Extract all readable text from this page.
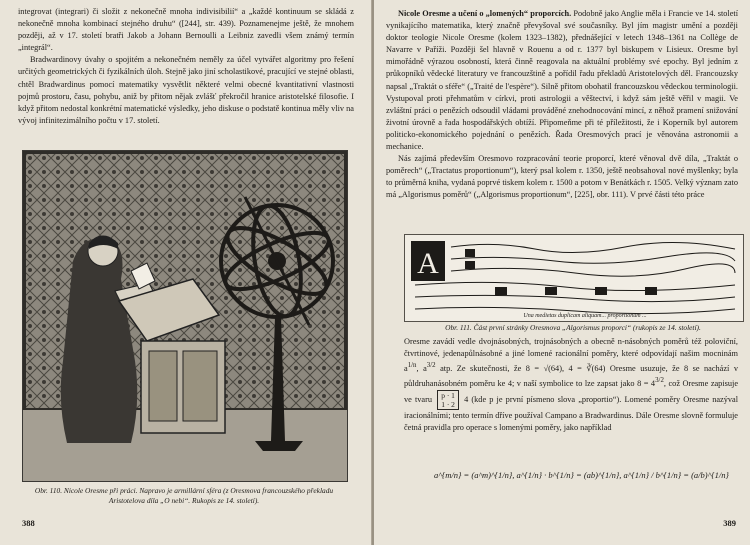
integrovat (integrari) či složit z nekonečně mnoha indivisibilií“ a „každé kontinuum se skládá z nekonečně mnoha kombinací stejného druhu“ ([244], str. 439). Poznamenejme ještě, že mnohem později, až v 17. století bratři Jakob a Johann Bernoulli a Leibniz zavedli všem známý termín „integrál“.

Bradwardinovy úvahy o spojitém a nekonečném neměly za účel vytvářet algoritmy pro řešení určitých geometrických či fyzikálních úloh. Stejně jako jiní scholastikové, pracující ve stejné oblasti, chtěl Bradwardinus pomocí matematiky vysvětlit některé velmi obecné kvantitativní vlastnosti pojmů prostoru, času, pohybu, aniž by přitom nějak zvlášť překročil hranice aristotelské filosofie. I když přitom nedostal konkrétní matematické výsledky, jeho diskuse o podstatě kontinua měly vliv na vývoj infinitezimálního počtu v 17. století.

Obr. 110. Nicole Oresme při práci. Napravo je armillární sféra (z Oresmova francouzského překladu Aristotelova díla „O nebi“. Rukopis ze 14. století).
388

Nicole Oresme a učení o „lomených“ proporcích. Podobně jako Anglie měla i Francie ve 14. století vynikajícího matematika, který značně převyšoval své současníky. Byl jím magistr umění a později doktor teologie Nicole Oresme (kolem 1323–1382), přednášející v letech 1348–1361 na Collège de Navarre v Paříži. Později šel hlavně v Rouenu a od r. 1377 byl biskupem v Lisieux. Oresme byl mimořádně výrazou osobností, která činně reagovala na aktuální problémy své epochy. Byl jedním z průkopníků vědecké literatury ve francouzštině a pořídil řadu překladů Aristotelových děl. Francouzsky napsal „Traktát o sféře“ („Traité de l'espère“). Silně přitom obohatil francouzskou vědeckou terminologii. Vystupoval proti přehmatům v církvi, proti astrologii a věštectví, i když sám ještě věřil v magii. Ve zvláštní práci o penězích odsoudil vládami prováděné znehodnocování mincí, z něhož pramení snižování životní úrovně a řada hospodářských obtíží. Připomeňme při té příležitosti, že i Koperník byl autorem politicko-ekonomického pojednání o penězích. Řada Oresmových prací je věnována astronomii a mechanice.

Nás zajímá především Oresmovo rozpracování teorie proporcí, které věnoval dvě díla, „Traktát o poměrech“ („Tractatus proportionum“), který psal kolem r. 1350, ještě neobsahoval nové myšlenky; byla to průměrná kniha, vydaná poprvé tiskem kolem r. 1500 a potom v Benátkách r. 1505. Velký význam zato má „Algorismus poměrů“ („Algorismus proportionum“, [225], obr. 111). V prvé části této práce

A
Una medietas duplicam aliquam... proportionum ...
Obr. 111. Část první stránky Oresmova „Algorismus proporci“ (rukopis ze 14. století).

Oresme zavádí vedle dvojnásobných, trojnásobných a obecně n-násobných poměrů též poloviční, čtvrtinové, jedenapůlnásobné a jiné lomené racionální poměry, které odpovídají našim mocninám $a^{1/n}$, $a^{3/2}$ atp. Ze skutečnosti, že 8 = √(64), 4 = ∛(64) Oresme usuzuje, že 8 se nachází v půldruhanásobném poměru ke 4; v naší symbolice to lze zapsat jako $8 = 4^{3/2}$, což Oresme zapisuje ve tvaru p · 1
1 · 2 4 (kde p je první písmeno slova „proportio“). Lomené poměry Oresme nazýval iracionálními; tento termín dříve používal Campano a Bradwardinus. Dále Oresme slovně formuluje četná pravidla pro operace s lomenými poměry, jako například

a^{m/n} = (a^m)^{1/n}, a^{1/n} · b^{1/n} = (ab)^{1/n}, a^{1/n} / b^{1/n} = (a/b)^{1/n}
389
